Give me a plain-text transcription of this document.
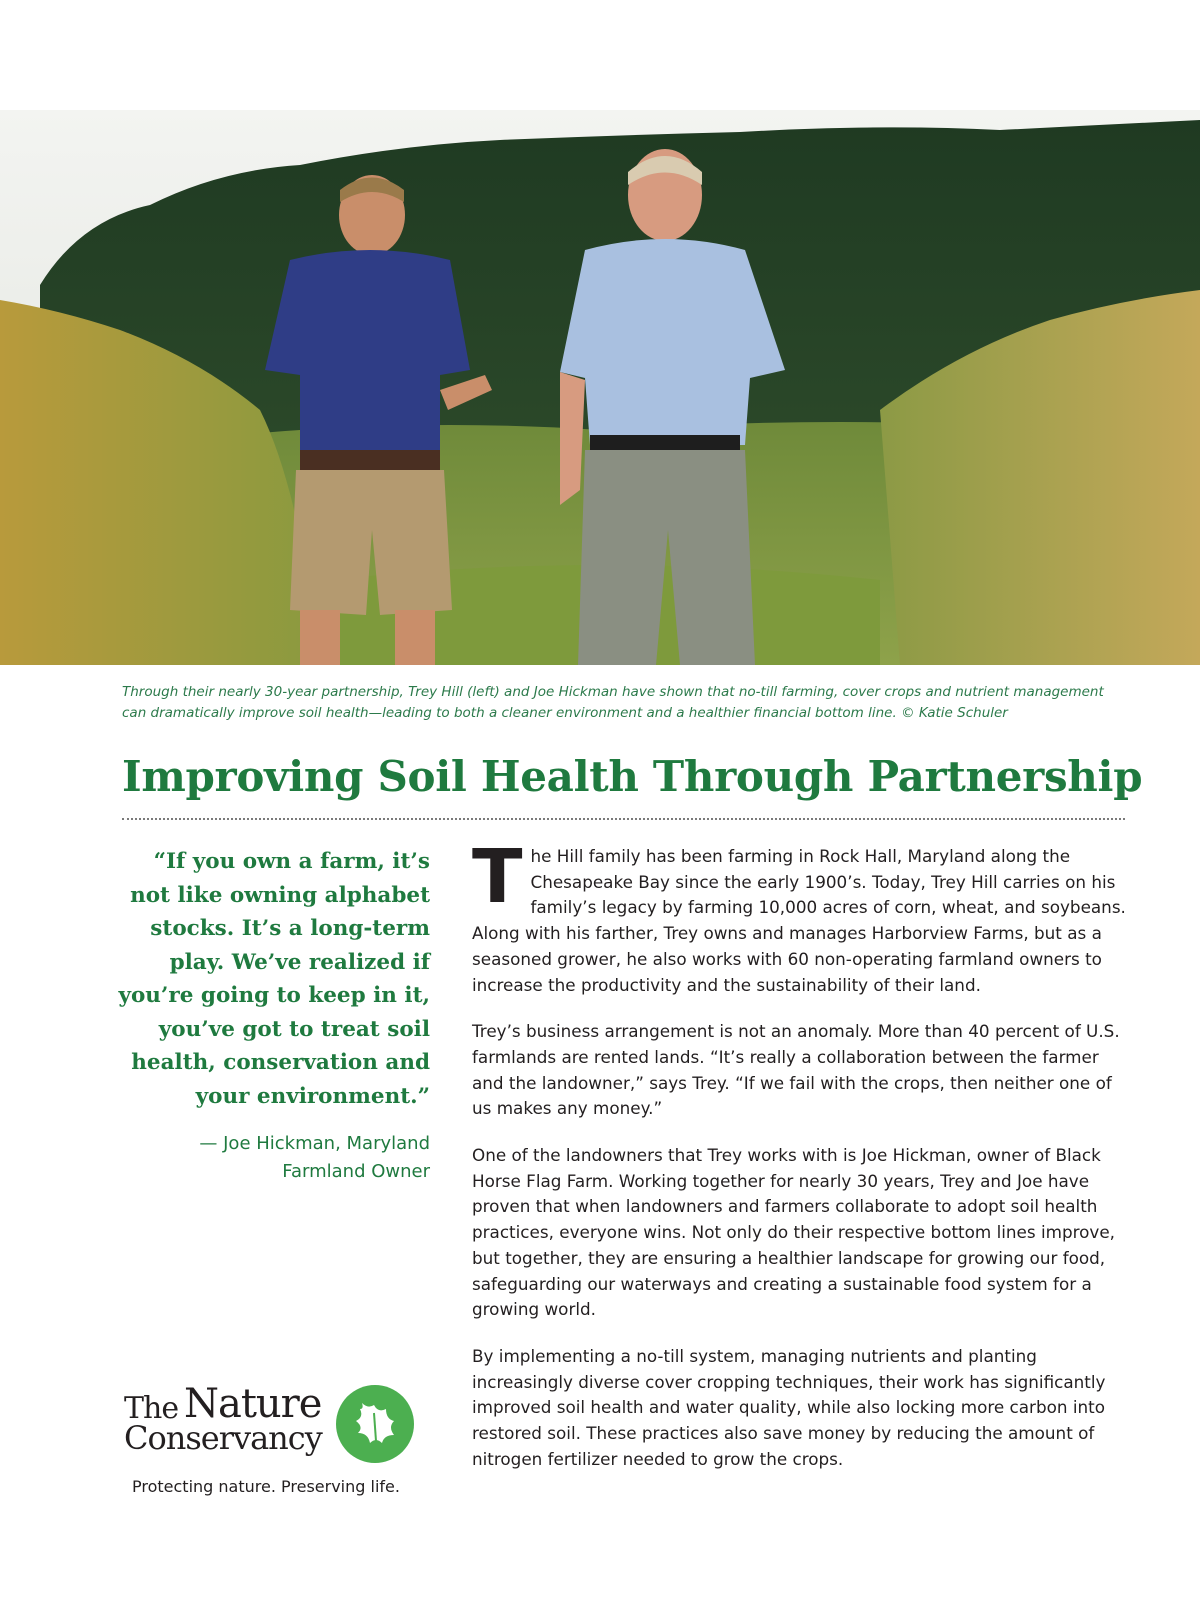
Through their nearly 30-year partnership, Trey Hill (left) and Joe Hickman have shown that no-till farming, cover crops and nutrient management can dramatically improve soil health—leading to both a cleaner environment and a healthier financial bottom line. © Katie Schuler
Improving Soil Health Through Partnership

“If you own a farm, it’s not like owning alphabet stocks. It’s a long-term play. We’ve realized if you’re going to keep in it, you’ve got to treat soil health, conservation and your environment.”

— Joe Hickman, Maryland Farmland Owner

The Hill family has been farming in Rock Hall, Maryland along the Chesapeake Bay since the early 1900’s. Today, Trey Hill carries on his family’s legacy by farming 10,000 acres of corn, wheat, and soybeans. Along with his farther, Trey owns and manages Harborview Farms, but as a seasoned grower, he also works with 60 non-operating farmland owners to increase the productivity and the sustainability of their land.

Trey’s business arrangement is not an anomaly. More than 40 percent of U.S. farmlands are rented lands. “It’s really a collaboration between the farmer and the landowner,” says Trey. “If we fail with the crops, then neither one of us makes any money.”

One of the landowners that Trey works with is Joe Hickman, owner of Black Horse Flag Farm. Working together for nearly 30 years, Trey and Joe have proven that when landowners and farmers collaborate to adopt soil health practices, everyone wins. Not only do their respective bottom lines improve, but together, they are ensuring a healthier landscape for growing our food, safeguarding our waterways and creating a sustainable food system for a growing world.

By implementing a no-till system, managing nutrients and planting increasingly diverse cover cropping techniques, their work has significantly improved soil health and water quality, while also locking more carbon into restored soil. These practices also save money by reducing the amount of nitrogen fertilizer needed to grow the crops.

The Nature
Conservancy
Protecting nature. Preserving life.
